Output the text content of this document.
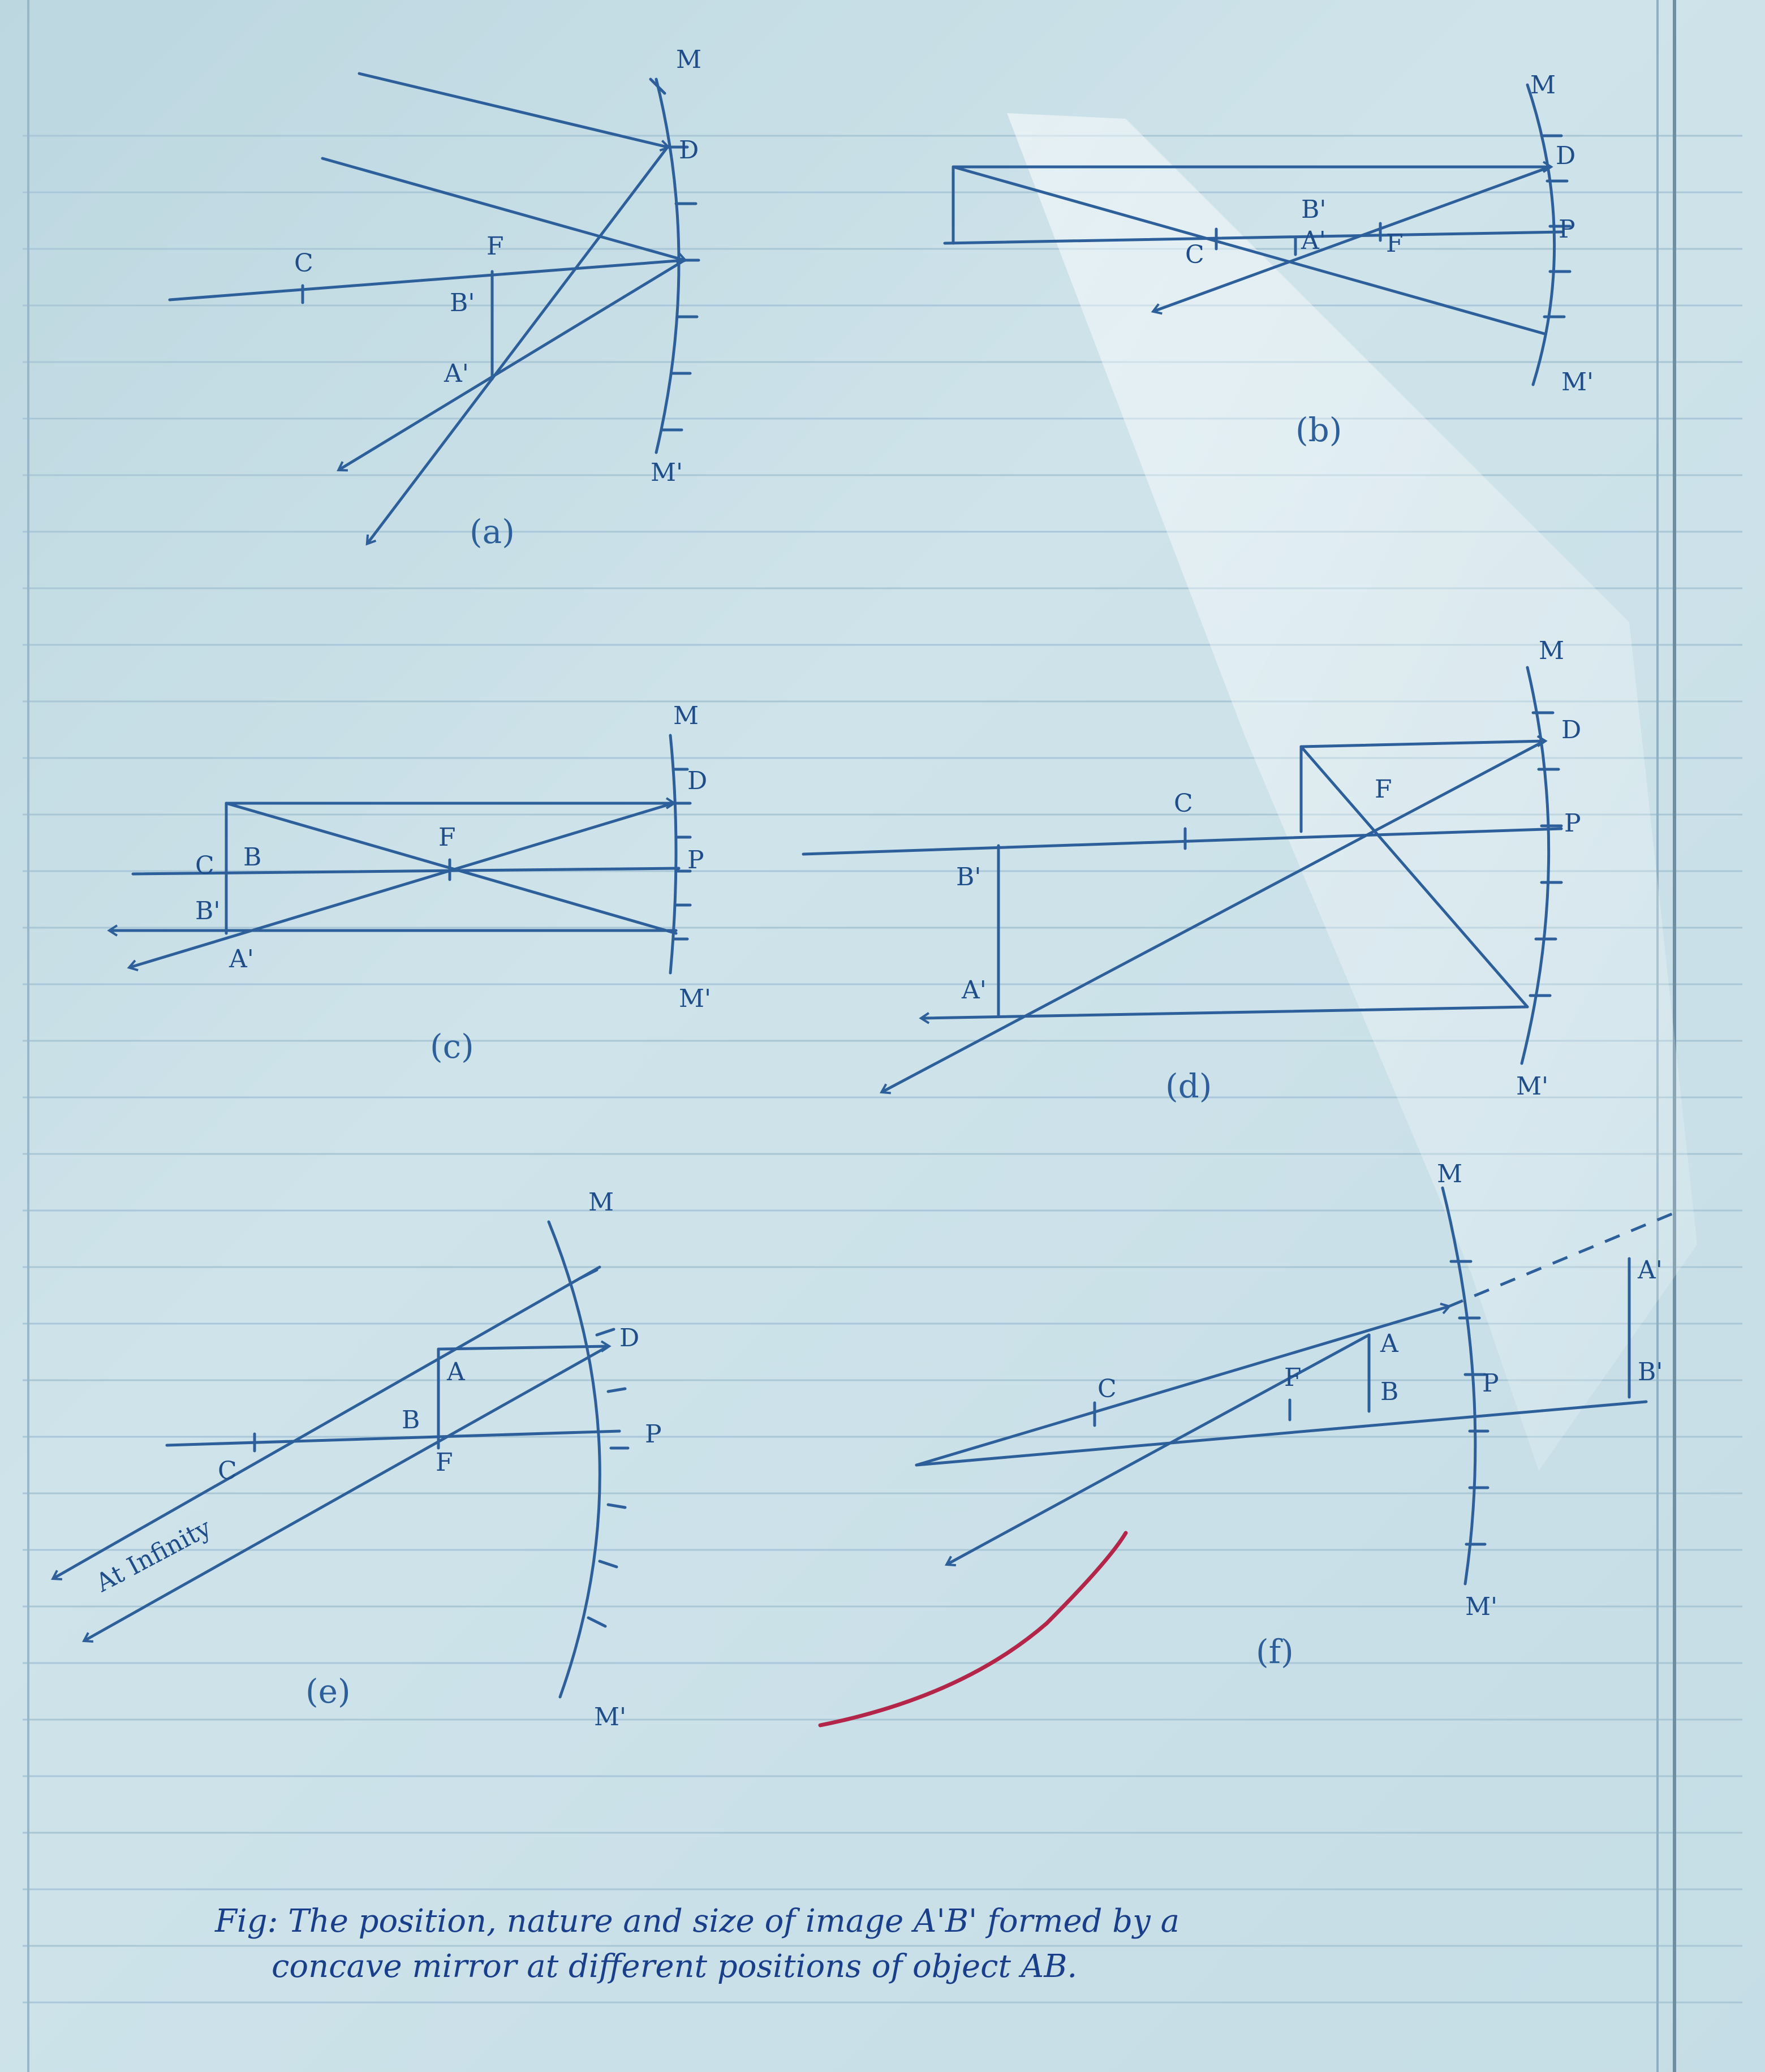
M
D
C
F
B'
A'
M'
(a)
M
D
P
C
B'
A' F
M'
(b)
M
D
P
F
B
C
B'
A'
M'
(c)
M
D
P
C	F
B'
A'
M'
(d)
M
D
A
B
F
C
P
M'
At Infinity
(e)
M
C	F
A
B	P
A'
B'
M'
(f)
Fig: The position, nature and size of image A'B' formed by a
concave mirror at different positions of object AB.
